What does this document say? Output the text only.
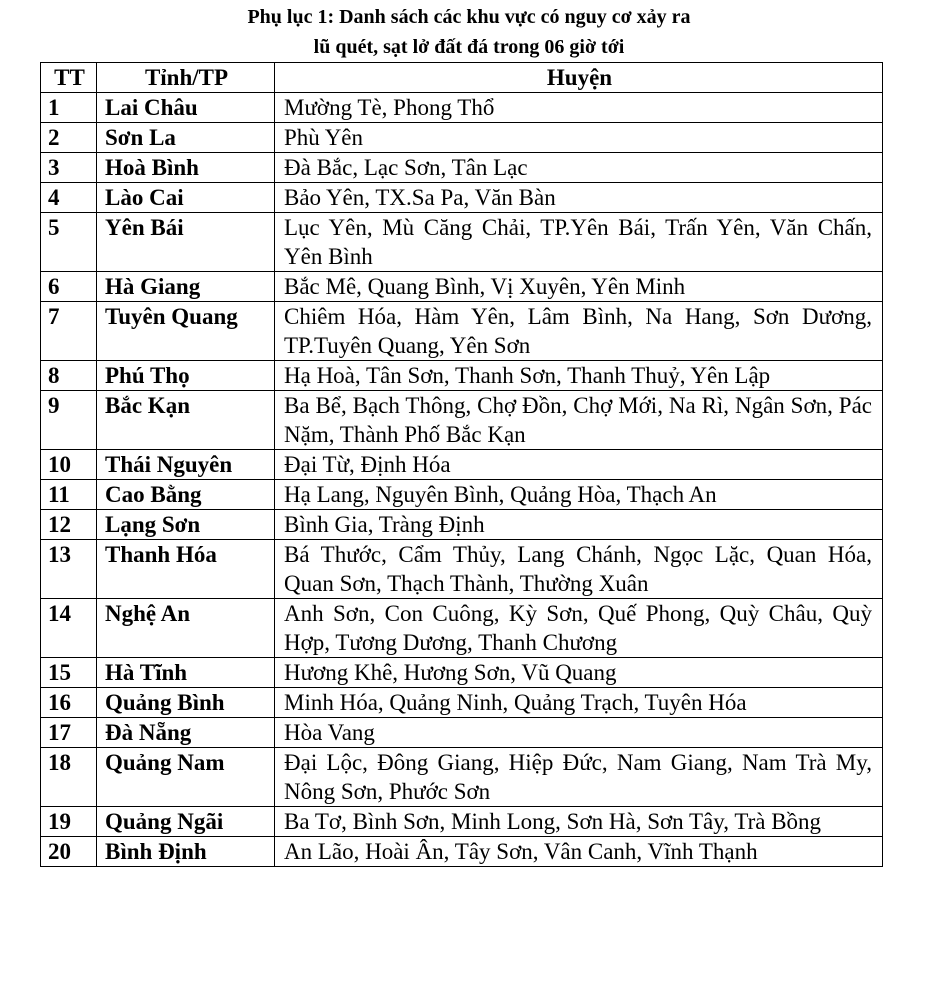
Phụ lục 1: Danh sách các khu vực có nguy cơ xảy ra
lũ quét, sạt lở đất đá trong 06 giờ tới
TT	Tỉnh/TP	Huyện
1	Lai Châu	Mường Tè, Phong Thổ
2	Sơn La	Phù Yên
3	Hoà Bình	Đà Bắc, Lạc Sơn, Tân Lạc
4	Lào Cai	Bảo Yên, TX.Sa Pa, Văn Bàn
5	Yên Bái	Lục Yên, Mù Căng Chải, TP.Yên Bái, Trấn Yên, Văn Chấn, Yên Bình
6	Hà Giang	Bắc Mê, Quang Bình, Vị Xuyên, Yên Minh
7	Tuyên Quang	Chiêm Hóa, Hàm Yên, Lâm Bình, Na Hang, Sơn Dương, TP.Tuyên Quang, Yên Sơn
8	Phú Thọ	Hạ Hoà, Tân Sơn, Thanh Sơn, Thanh Thuỷ, Yên Lập
9	Bắc Kạn	Ba Bể, Bạch Thông, Chợ Đồn, Chợ Mới, Na Rì, Ngân Sơn, Pác Nặm, Thành Phố Bắc Kạn
10	Thái Nguyên	Đại Từ, Định Hóa
11	Cao Bằng	Hạ Lang, Nguyên Bình, Quảng Hòa, Thạch An
12	Lạng Sơn	Bình Gia, Tràng Định
13	Thanh Hóa	Bá Thước, Cẩm Thủy, Lang Chánh, Ngọc Lặc, Quan Hóa, Quan Sơn, Thạch Thành, Thường Xuân
14	Nghệ An	Anh Sơn, Con Cuông, Kỳ Sơn, Quế Phong, Quỳ Châu, Quỳ Hợp, Tương Dương, Thanh Chương
15	Hà Tĩnh	Hương Khê, Hương Sơn, Vũ Quang
16	Quảng Bình	Minh Hóa, Quảng Ninh, Quảng Trạch, Tuyên Hóa
17	Đà Nẵng	Hòa Vang
18	Quảng Nam	Đại Lộc, Đông Giang, Hiệp Đức, Nam Giang, Nam Trà My, Nông Sơn, Phước Sơn
19	Quảng Ngãi	Ba Tơ, Bình Sơn, Minh Long, Sơn Hà, Sơn Tây, Trà Bồng
20	Bình Định	An Lão, Hoài Ân, Tây Sơn, Vân Canh, Vĩnh Thạnh
